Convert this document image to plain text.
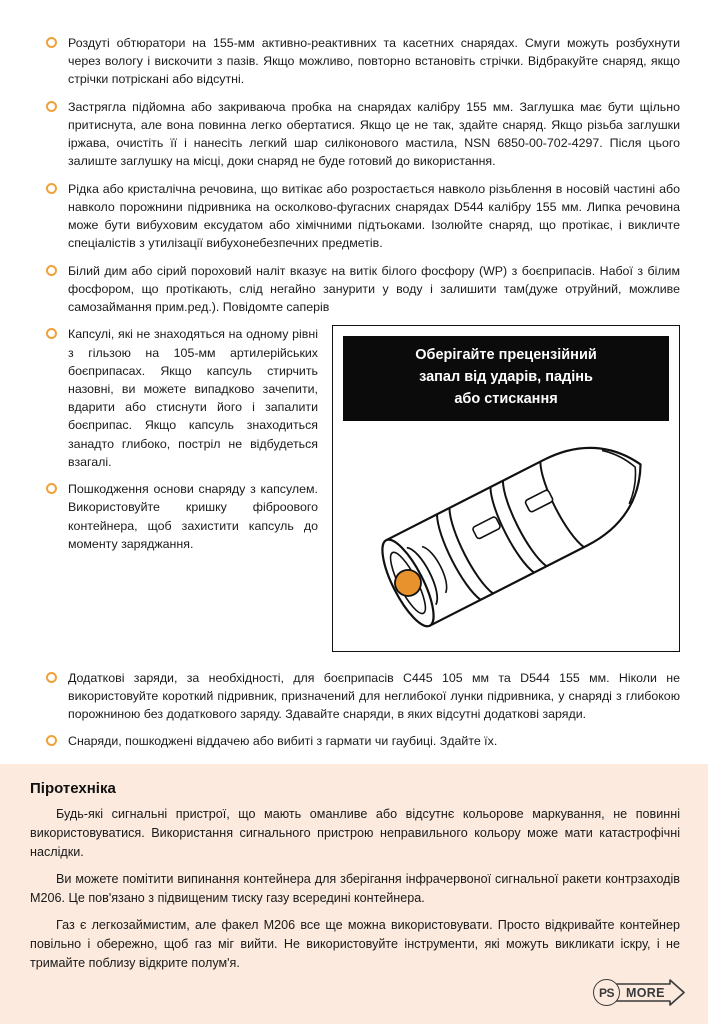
Роздуті обтюратори на 155-мм активно-реактивних та касетних снарядах. Смуги можуть розбухнути через вологу і вискочити з пазів. Якщо можливо, повторно встановіть стрічки. Відбракуйте снаряд, якщо стрічки потріскані або відсутні.
Застрягла підйомна або закриваюча пробка на снарядах калібру 155 мм. Заглушка має бути щільно притиснута, але вона повинна легко обертатися. Якщо це не так, здайте снаряд. Якщо різьба заглушки іржава, очистіть її і нанесіть легкий шар силіконового мастила, NSN 6850-00-702-4297. Після цього залиште заглушку на місці, доки снаряд не буде готовий до використання.
Рідка або кристалічна речовина, що витікає або розростається навколо різьблення в носовій частині або навколо порожнини підривника на осколково-фугасних снарядах D544 калібру 155 мм. Липка речовина може бути вибуховим ексудатом або хімічними підтьоками. Ізолюйте снаряд, що протікає, і викличте спеціалістів з утилізації вибухонебезпечних предметів.
Білий дим або сірий пороховий наліт вказує на витік білого фосфору (WP) з боєприпасів. Набої з білим фосфором, що протікають, слід негайно занурити у воду і залишити там(дуже отруйний, можливе самозаймання прим.ред.). Повідомте саперів
Оберігайте прецензійний
запал від ударів, падінь
або стискання
Капсулі, які не знаходяться на одному рівні з гільзою на 105-мм артилерійських боєприпасах. Якщо капсуль стирчить назовні, ви можете випадково зачепити, вдарити або стиснути його і запалити боєприпас. Якщо капсуль знаходиться занадто глибоко, постріл не відбудеться взагалі.
Пошкодження основи снаряду з капсулем. Використовуйте кришку фіброового контейнера, щоб захистити капсуль до моменту заряджання.
Додаткові заряди, за необхідності, для боєприпасів C445 105 мм та D544 155 мм. Ніколи не використовуйте короткий підривник, призначений для неглибокої лунки підривника, у снаряді з глибокою порожниною без додаткового заряду. Здавайте снаряди, в яких відсутні додаткові заряди.
Снаряди, пошкоджені віддачею або вибиті з гармати чи гаубиці. Здайте їх.
Піротехніка

Будь-які сигнальні пристрої, що мають оманливе або відсутнє кольорове маркування, не повинні використовуватися. Використання сигнального пристрою неправильного кольору може мати катастрофічні наслідки.

Ви можете помітити випинання контейнера для зберігання інфрачервоної сигнальної ракети контрзаходів M206. Це пов'язано з підвищеним тиску газу всередині контейнера.

Газ є легкозаймистим, але факел M206 все ще можна використовувати. Просто відкривайте контейнер повільно і обережно, щоб газ міг вийти. Не використовуйте інструменти, які можуть викликати іскру, і не тримайте поблизу відкрите полум'я.

PS MORE
